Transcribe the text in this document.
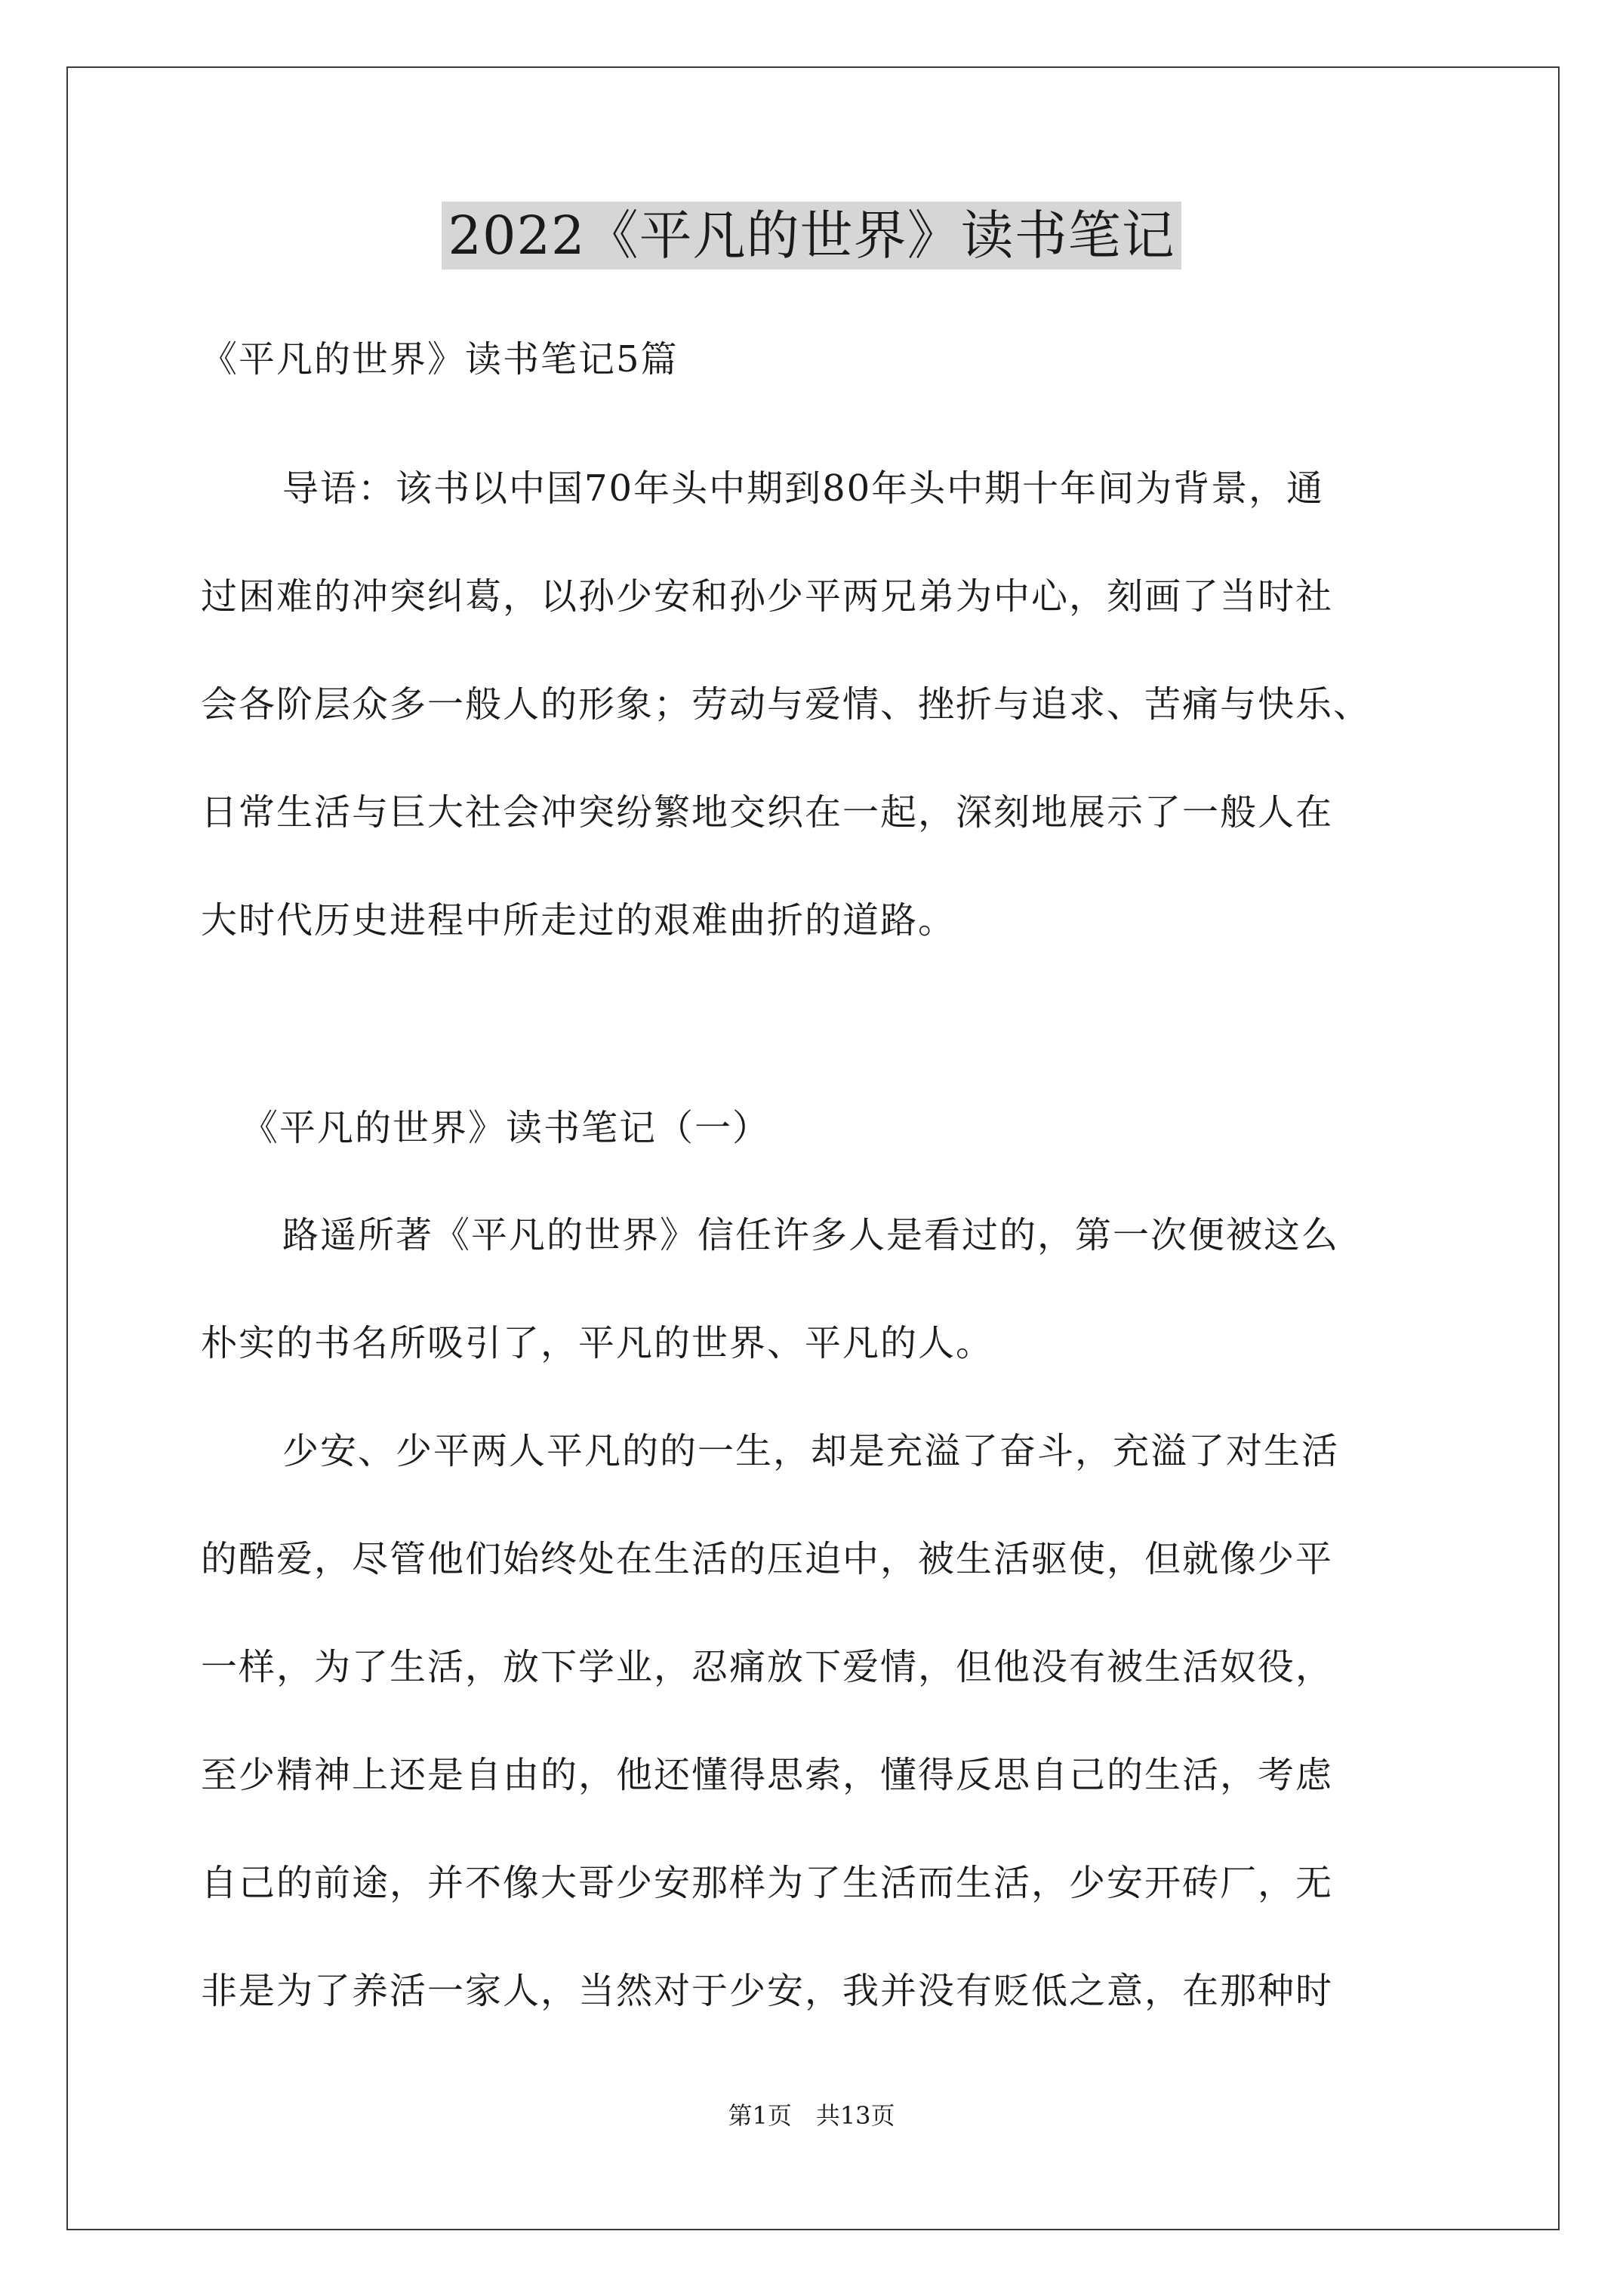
2022《平凡的世界》读书笔记
《平凡的世界》读书笔记5篇
导语：该书以中国70年头中期到80年头中期十年间为背景，通
过困难的冲突纠葛，以孙少安和孙少平两兄弟为中心，刻画了当时社
会各阶层众多一般人的形象；劳动与爱情、挫折与追求、苦痛与快乐、
日常生活与巨大社会冲突纷繁地交织在一起，深刻地展示了一般人在
大时代历史进程中所走过的艰难曲折的道路。
《平凡的世界》读书笔记（一）
路遥所著《平凡的世界》信任许多人是看过的，第一次便被这么
朴实的书名所吸引了，平凡的世界、平凡的人。
少安、少平两人平凡的的一生，却是充溢了奋斗，充溢了对生活
的酷爱，尽管他们始终处在生活的压迫中，被生活驱使，但就像少平
一样，为了生活，放下学业，忍痛放下爱情，但他没有被生活奴役，
至少精神上还是自由的，他还懂得思索，懂得反思自己的生活，考虑
自己的前途，并不像大哥少安那样为了生活而生活，少安开砖厂，无
非是为了养活一家人，当然对于少安，我并没有贬低之意，在那种时
第1页　共13页
